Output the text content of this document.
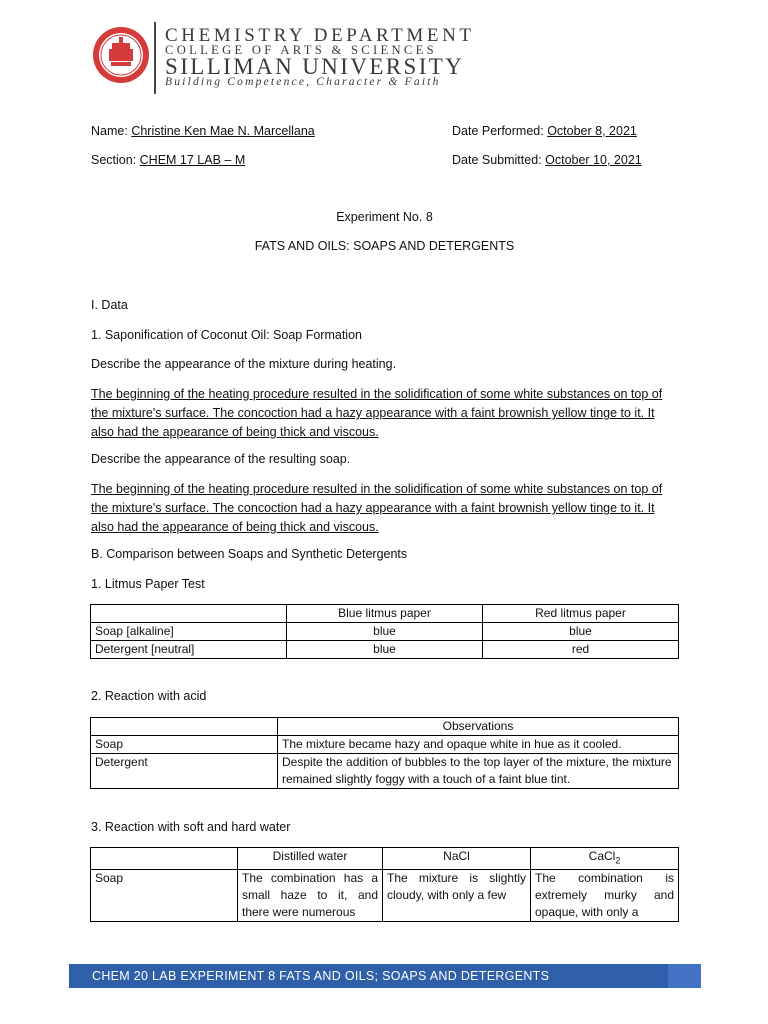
CHEMISTRY DEPARTMENT
COLLEGE OF ARTS & SCIENCES
SILLIMAN UNIVERSITY
Building Competence, Character & Faith
Name: Christine Ken Mae N. Marcellana	Date Performed: October 8, 2021
Section: CHEM 17 LAB – M	Date Submitted: October 10, 2021
Experiment No. 8
FATS AND OILS: SOAPS AND DETERGENTS
I. Data
1. Saponification of Coconut Oil: Soap Formation
Describe the appearance of the mixture during heating.
The beginning of the heating procedure resulted in the solidification of some white substances on top of the mixture's surface. The concoction had a hazy appearance with a faint brownish yellow tinge to it. It also had the appearance of being thick and viscous.
Describe the appearance of the resulting soap.
The beginning of the heating procedure resulted in the solidification of some white substances on top of the mixture's surface. The concoction had a hazy appearance with a faint brownish yellow tinge to it. It also had the appearance of being thick and viscous.
B. Comparison between Soaps and Synthetic Detergents
1. Litmus Paper Test
	Blue litmus paper	Red litmus paper
Soap [alkaline]	blue	blue
Detergent [neutral]	blue	red
2. Reaction with acid
	Observations
Soap	The mixture became hazy and opaque white in hue as it cooled.
Detergent	Despite the addition of bubbles to the top layer of the mixture, the mixture remained slightly foggy with a touch of a faint blue tint.
3. Reaction with soft and hard water
	Distilled water	NaCl	CaCl$_2$
Soap	The combination has a small haze to it, and there were numerous	The mixture is slightly cloudy, with only a few	The combination is extremely murky and opaque, with only a
CHEM 20 LAB EXPERIMENT 8 FATS AND OILS; SOAPS AND DETERGENTS
